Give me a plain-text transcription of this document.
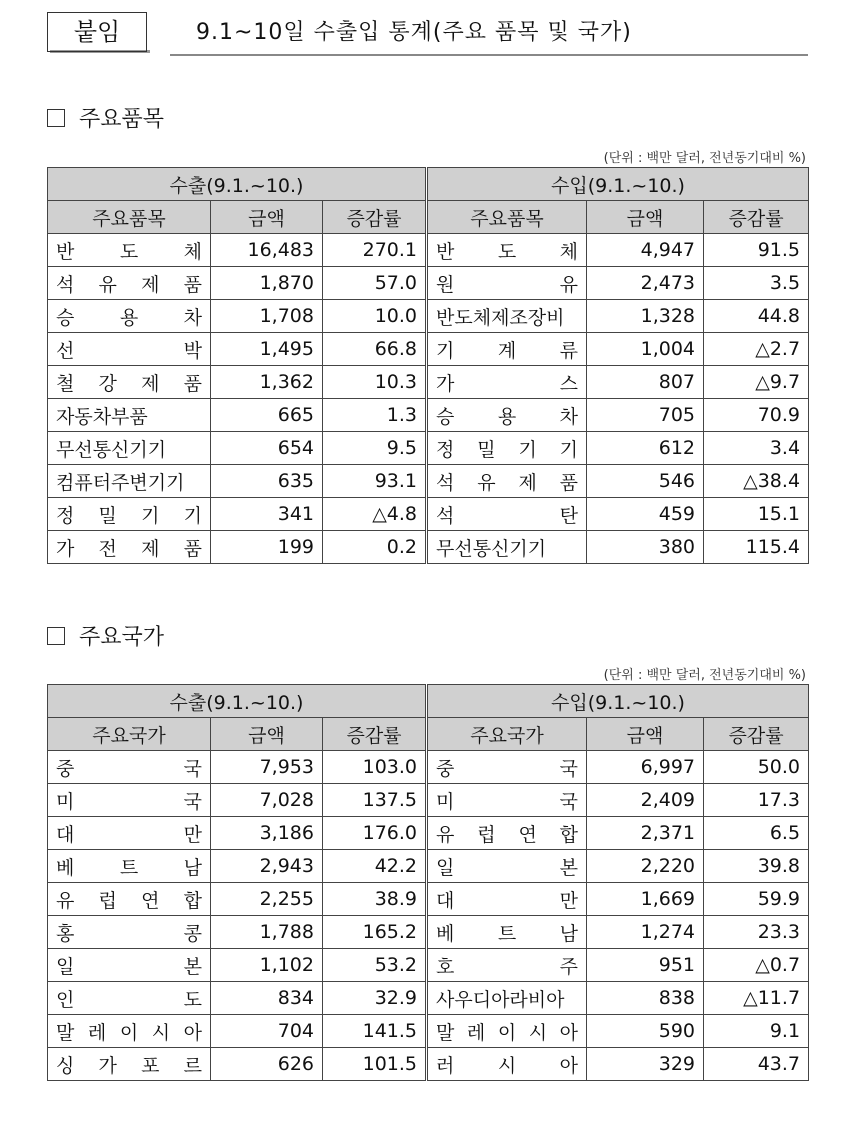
붙임	9.1~10일 수출입 통계(주요 품목 및 국가)
주요품목
(단위 : 백만 달러, 전년동기대비 %)
수출(9.1.~10.)			수입(9.1.~10.)		
주요품목	금액	증감률	주요품목	금액	증감률
반 도 체	16,483	270.1	반 도 체	4,947	91.5
석 유 제 품	1,870	57.0	원 유	2,473	3.5
승 용 차	1,708	10.0	반도체제조장비	1,328	44.8
선 박	1,495	66.8	기 계 류	1,004	△2.7
철 강 제 품	1,362	10.3	가 스	807	△9.7
자동차부품	665	1.3	승 용 차	705	70.9
무선통신기기	654	9.5	정 밀 기 기	612	3.4
컴퓨터주변기기	635	93.1	석 유 제 품	546	△38.4
정 밀 기 기	341	△4.8	석 탄	459	15.1
가 전 제 품	199	0.2	무선통신기기	380	115.4
주요국가
(단위 : 백만 달러, 전년동기대비 %)
수출(9.1.~10.)			수입(9.1.~10.)		
주요국가	금액	증감률	주요국가	금액	증감률
중 국	7,953	103.0	중 국	6,997	50.0
미 국	7,028	137.5	미 국	2,409	17.3
대 만	3,186	176.0	유 럽 연 합	2,371	6.5
베 트 남	2,943	42.2	일 본	2,220	39.8
유 럽 연 합	2,255	38.9	대 만	1,669	59.9
홍 콩	1,788	165.2	베 트 남	1,274	23.3
일 본	1,102	53.2	호 주	951	△0.7
인 도	834	32.9	사우디아라비아	838	△11.7
말 레 이 시 아	704	141.5	말 레 이 시 아	590	9.1
싱 가 포 르	626	101.5	러 시 아	329	43.7
